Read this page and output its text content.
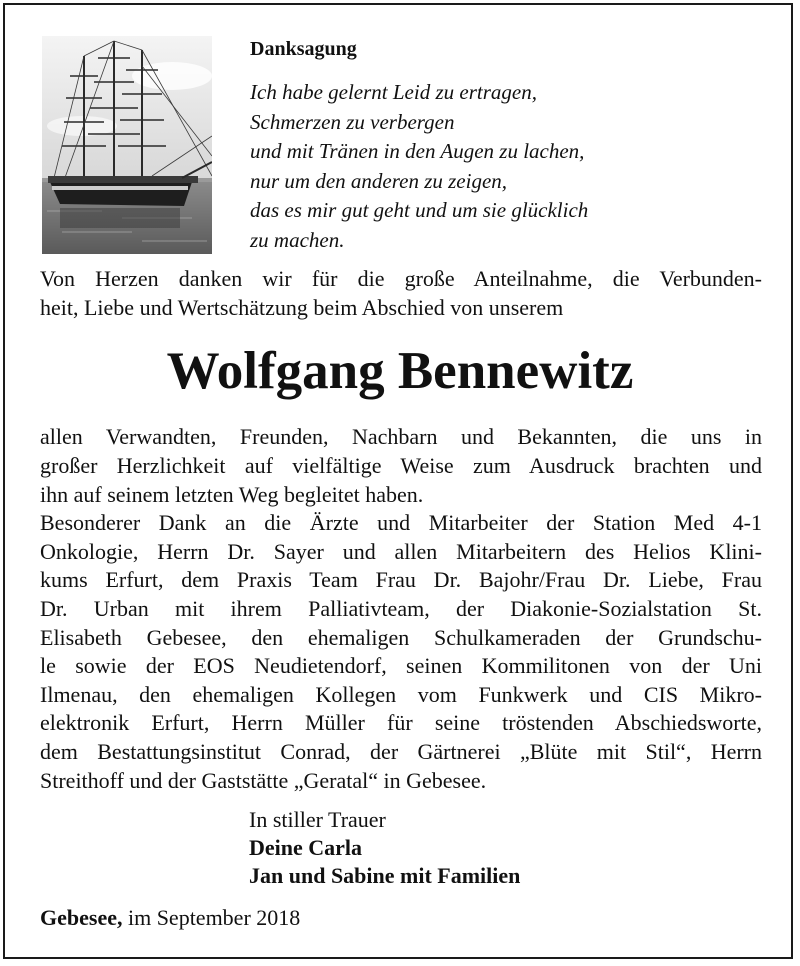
Danksagung
Ich habe gelernt Leid zu ertragen,
Schmerzen zu verbergen
und mit Tränen in den Augen zu lachen,
nur um den anderen zu zeigen,
das es mir gut geht und um sie glücklich
zu machen.
Von Herzen danken wir für die große Anteilnahme, die Verbunden-
heit, Liebe und Wertschätzung beim Abschied von unserem
Wolfgang Bennewitz
allen Verwandten, Freunden, Nachbarn und Bekannten, die uns in
großer Herzlichkeit auf vielfältige Weise zum Ausdruck brachten und
ihn auf seinem letzten Weg begleitet haben.
Besonderer Dank an die Ärzte und Mitarbeiter der Station Med 4-1
Onkologie, Herrn Dr. Sayer und allen Mitarbeitern des Helios Klini-
kums Erfurt, dem Praxis Team Frau Dr. Bajohr/Frau Dr. Liebe, Frau
Dr. Urban mit ihrem Palliativteam, der Diakonie-Sozialstation St.
Elisabeth Gebesee, den ehemaligen Schulkameraden der Grundschu-
le sowie der EOS Neudietendorf, seinen Kommilitonen von der Uni
Ilmenau, den ehemaligen Kollegen vom Funkwerk und CIS Mikro-
elektronik Erfurt, Herrn Müller für seine tröstenden Abschiedsworte,
dem Bestattungsinstitut Conrad, der Gärtnerei „Blüte mit Stil“, Herrn
Streithoff und der Gaststätte „Geratal“ in Gebesee.
In stiller Trauer
Deine Carla
Jan und Sabine mit Familien
Gebesee, im September 2018
